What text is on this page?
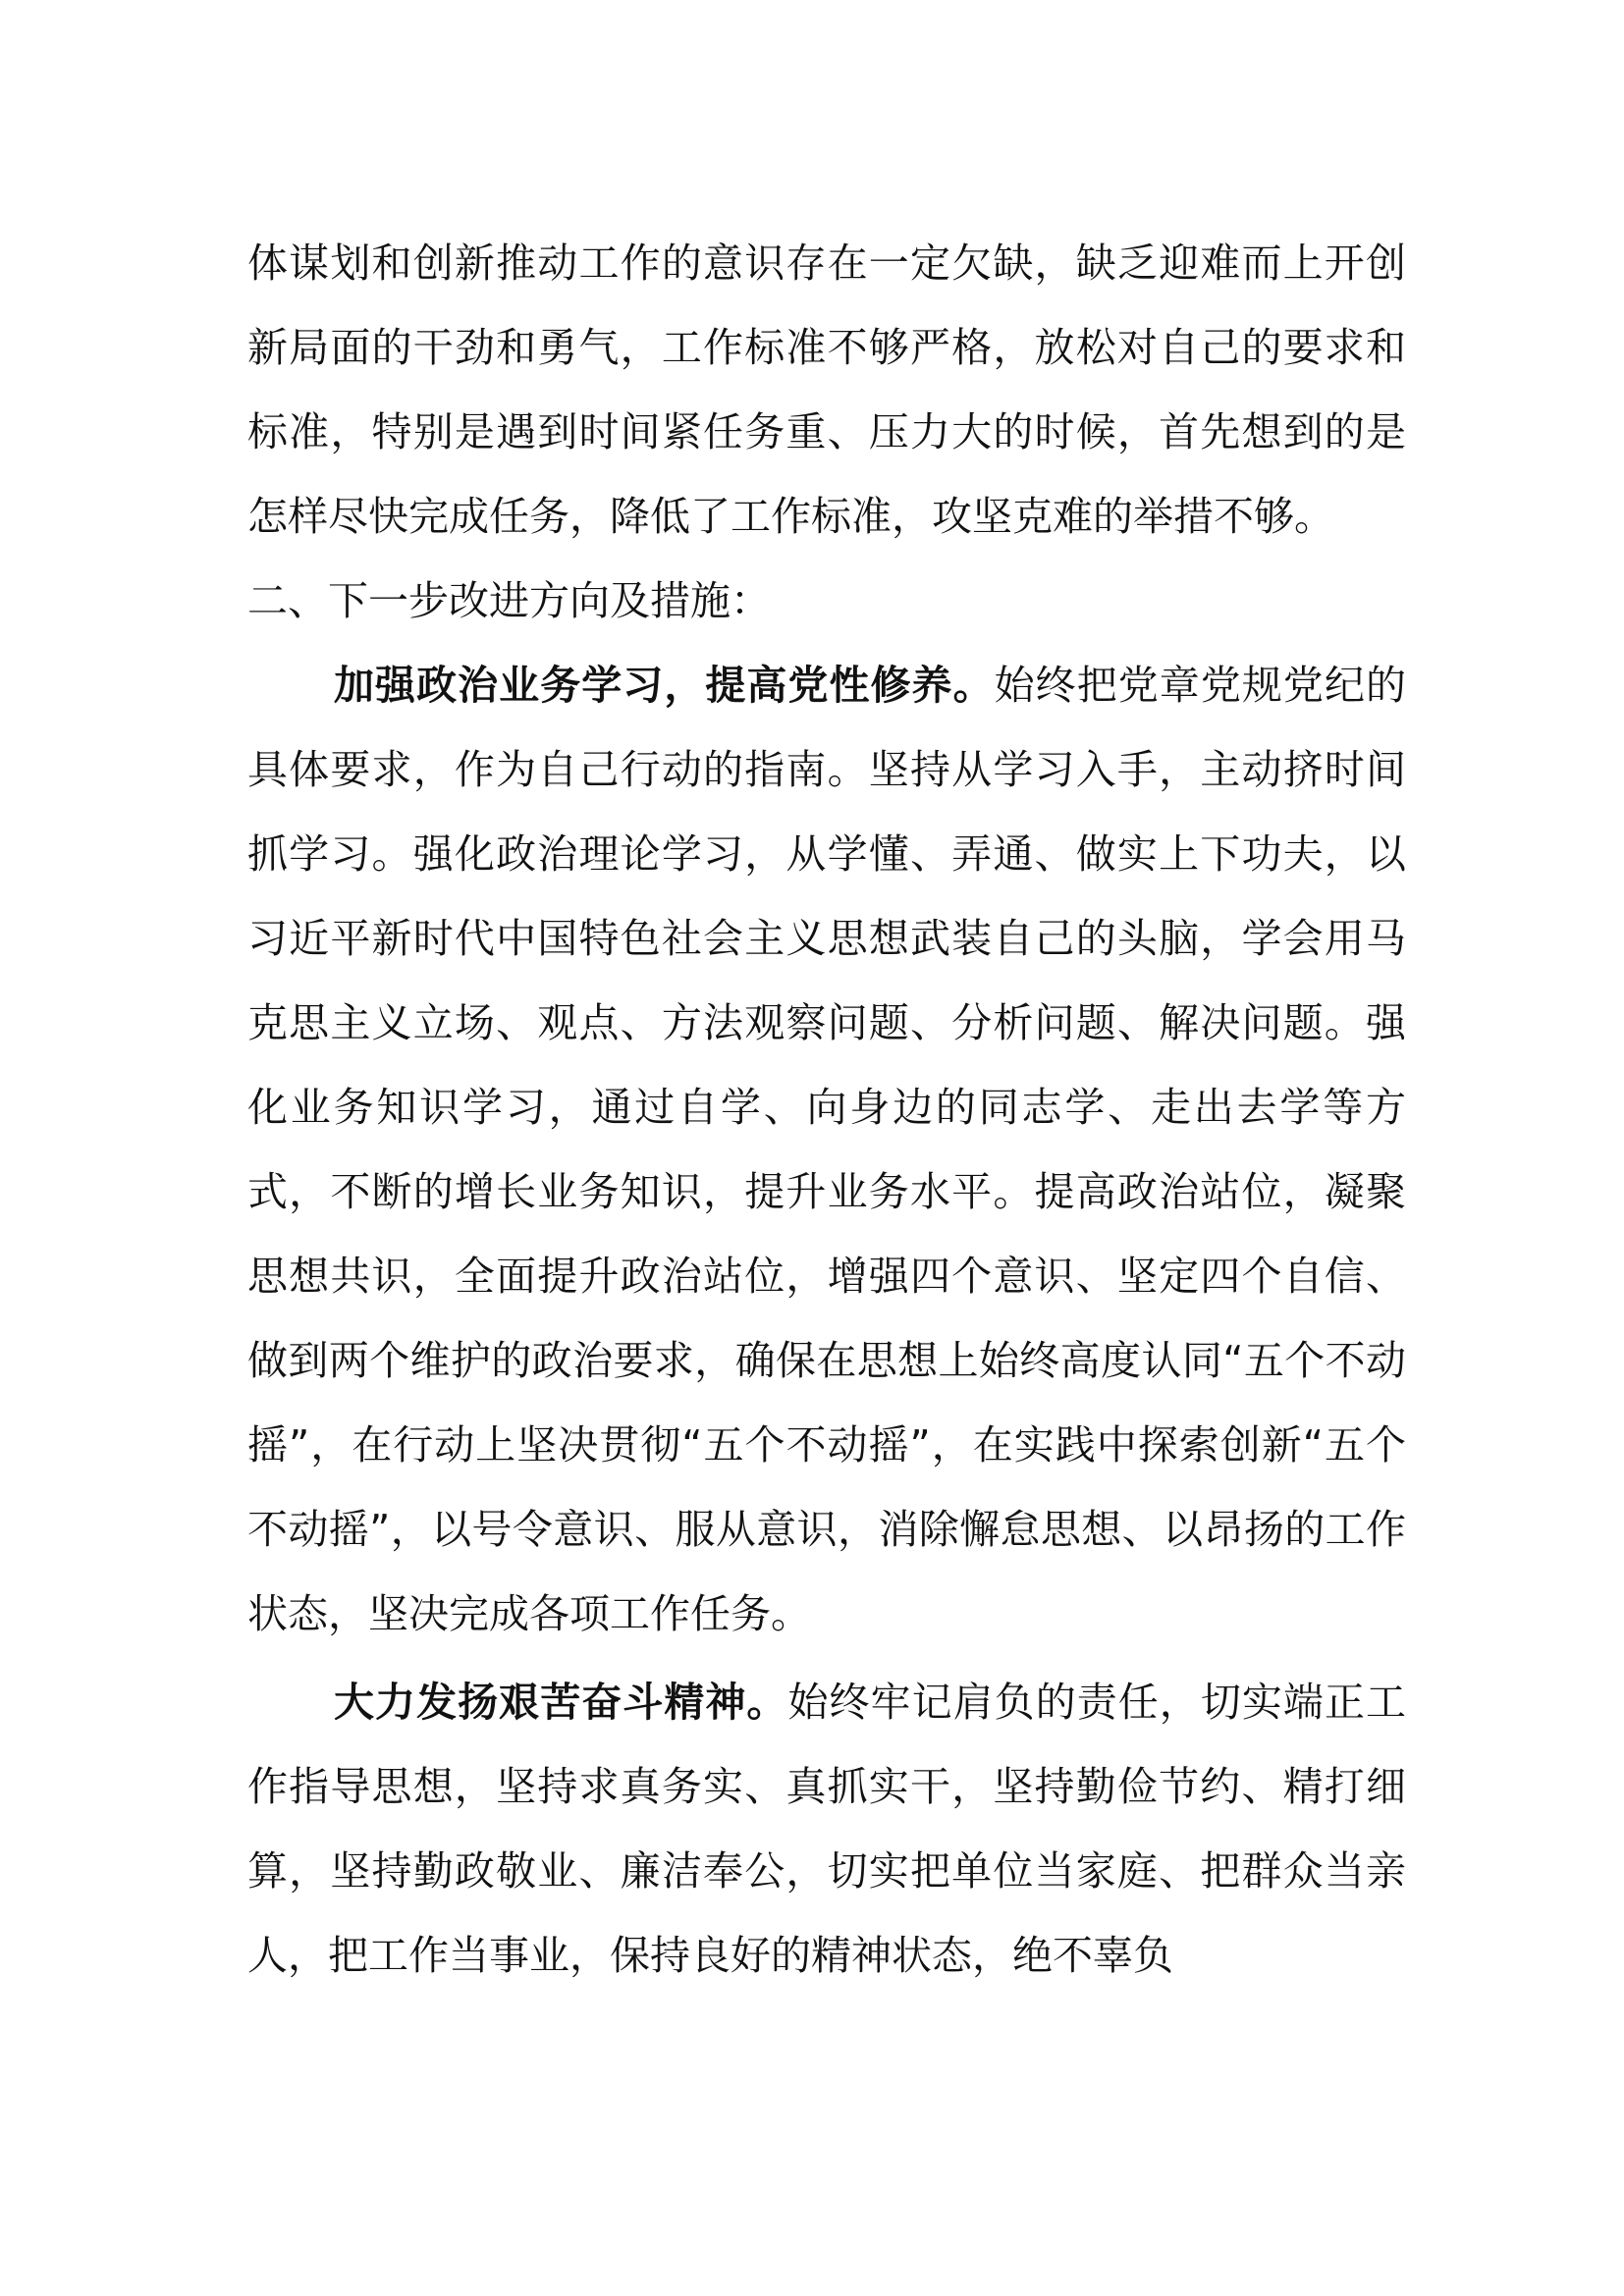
体谋划和创新推动工作的意识存在一定欠缺，缺乏迎难而上开创新局面的干劲和勇气，工作标准不够严格，放松对自己的要求和标准，特别是遇到时间紧任务重、压力大的时候，首先想到的是怎样尽快完成任务，降低了工作标准，攻坚克难的举措不够。

二、下一步改进方向及措施：

加强政治业务学习，提高党性修养。始终把党章党规党纪的具体要求，作为自己行动的指南。坚持从学习入手，主动挤时间抓学习。强化政治理论学习，从学懂、弄通、做实上下功夫，以习近平新时代中国特色社会主义思想武装自己的头脑，学会用马克思主义立场、观点、方法观察问题、分析问题、解决问题。强化业务知识学习，通过自学、向身边的同志学、走出去学等方式，不断的增长业务知识，提升业务水平。提高政治站位，凝聚思想共识，全面提升政治站位，增强四个意识、坚定四个自信、做到两个维护的政治要求，确保在思想上始终高度认同“五个不动摇”，在行动上坚决贯彻“五个不动摇”，在实践中探索创新“五个不动摇”，以号令意识、服从意识，消除懈怠思想、以昂扬的工作状态，坚决完成各项工作任务。

大力发扬艰苦奋斗精神。始终牢记肩负的责任，切实端正工作指导思想，坚持求真务实、真抓实干，坚持勤俭节约、精打细算，坚持勤政敬业、廉洁奉公，切实把单位当家庭、把群众当亲人，把工作当事业，保持良好的精神状态，绝不辜负
